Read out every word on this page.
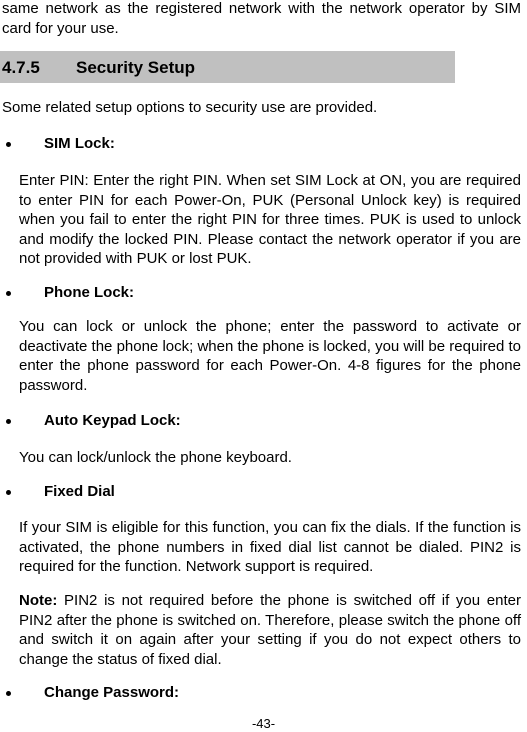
same network as the registered network with the network operator by SIM card for your use.

4.7.5 Security Setup

Some related setup options to security use are provided.

SIM Lock:

Enter PIN: Enter the right PIN. When set SIM Lock at ON, you are required to enter PIN for each Power-On, PUK (Personal Unlock key) is required when you fail to enter the right PIN for three times. PUK is used to unlock and modify the locked PIN. Please contact the network operator if you are not provided with PUK or lost PUK.

Phone Lock:

You can lock or unlock the phone; enter the password to activate or deactivate the phone lock; when the phone is locked, you will be required to enter the phone password for each Power-On. 4-8 figures for the phone password.

Auto Keypad Lock:

You can lock/unlock the phone keyboard.

Fixed Dial

If your SIM is eligible for this function, you can fix the dials. If the function is activated, the phone numbers in fixed dial list cannot be dialed. PIN2 is required for the function. Network support is required.

Note: PIN2 is not required before the phone is switched off if you enter PIN2 after the phone is switched on. Therefore, please switch the phone off and switch it on again after your setting if you do not expect others to change the status of fixed dial.

Change Password:
-43-
